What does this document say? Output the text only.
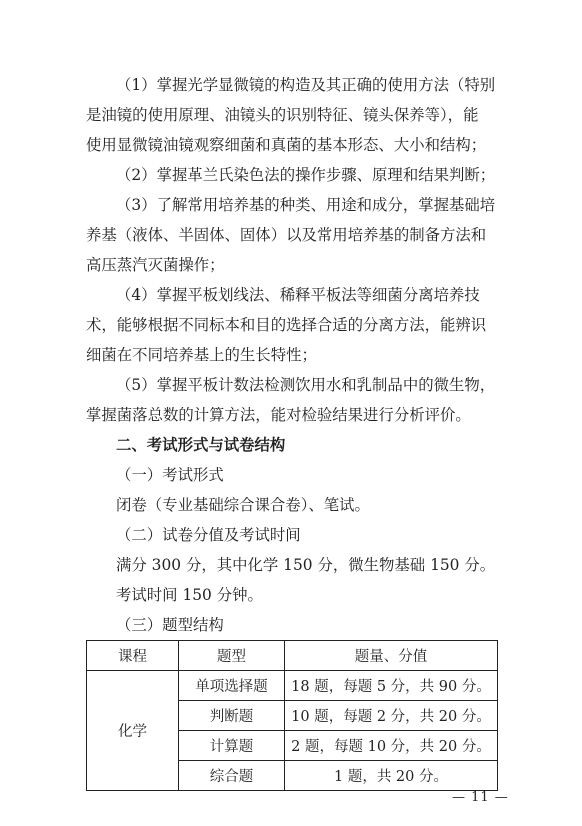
（1）掌握光学显微镜的构造及其正确的使用方法（特别
是油镜的使用原理、油镜头的识别特征、镜头保养等），能
使用显微镜油镜观察细菌和真菌的基本形态、大小和结构；
（2）掌握革兰氏染色法的操作步骤、原理和结果判断；
（3）了解常用培养基的种类、用途和成分，掌握基础培
养基（液体、半固体、固体）以及常用培养基的制备方法和
高压蒸汽灭菌操作；
（4）掌握平板划线法、稀释平板法等细菌分离培养技
术，能够根据不同标本和目的选择合适的分离方法，能辨识
细菌在不同培养基上的生长特性；
（5）掌握平板计数法检测饮用水和乳制品中的微生物，
掌握菌落总数的计算方法，能对检验结果进行分析评价。
二、考试形式与试卷结构
（一）考试形式
闭卷（专业基础综合课合卷）、笔试。
（二）试卷分值及考试时间
满分 300 分，其中化学 150 分，微生物基础 150 分。
考试时间 150 分钟。
（三）题型结构
课程	题型	题量、分值
化学	单项选择题	18 题，每题 5 分，共 90 分。
	判断题	10 题，每题 2 分，共 20 分。
	计算题	2 题，每题 10 分，共 20 分。
	综合题	1 题，共 20 分。
— 11 —
